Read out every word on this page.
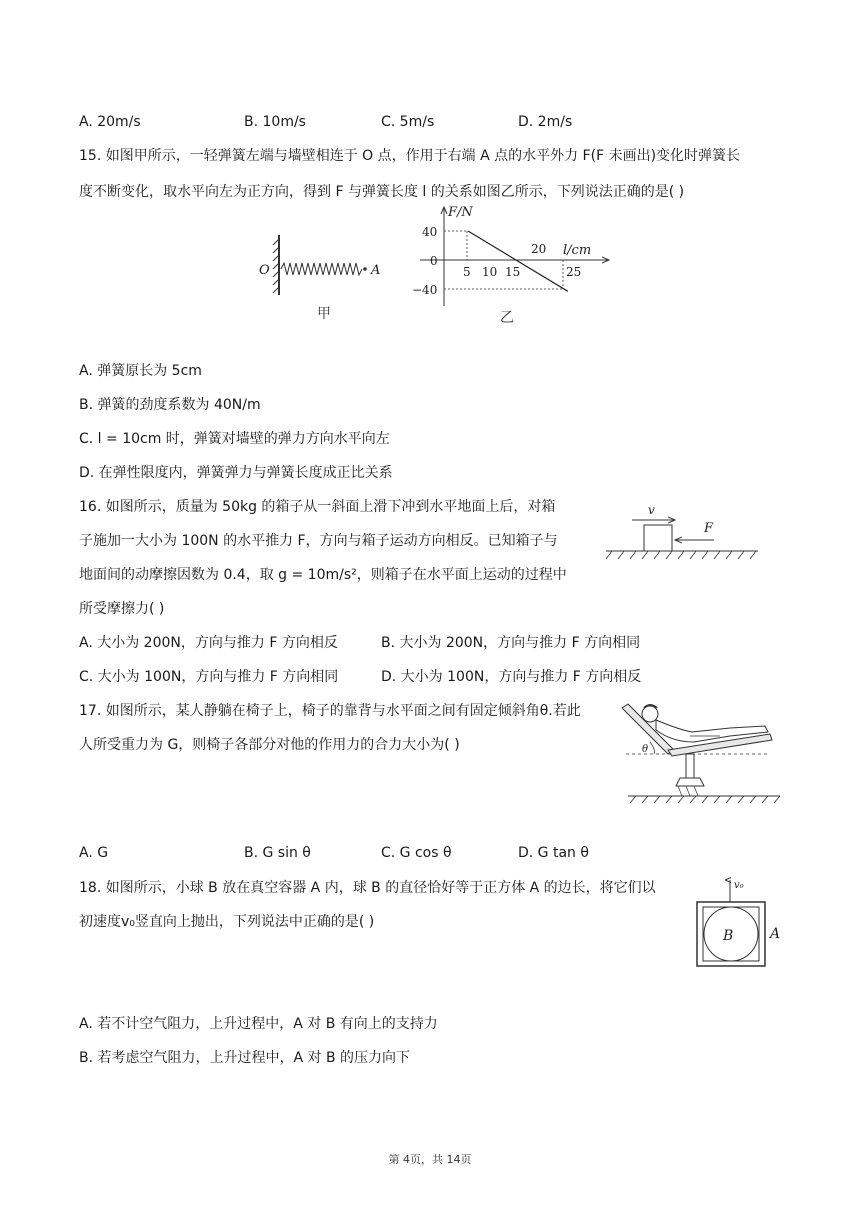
A. 20m/s	B. 10m/s	C. 5m/s	D. 2m/s
15. 如图甲所示，一轻弹簧左端与墙壁相连于 O 点，作用于右端 A 点的水平外力 F(F 未画出)变化时弹簧长
度不断变化，取水平向左为正方向，得到 F 与弹簧长度 l 的关系如图乙所示，下列说法正确的是( )
O	A
甲
F/N
l/cm
40
0
−40
5 10 15
20
25
乙
A. 弹簧原长为 5cm
B. 弹簧的劲度系数为 40N/m
C. l = 10cm 时，弹簧对墙壁的弹力方向水平向左
D. 在弹性限度内，弹簧弹力与弹簧长度成正比关系
16. 如图所示，质量为 50kg 的箱子从一斜面上滑下冲到水平地面上后，对箱
子施加一大小为 100N 的水平推力 F，方向与箱子运动方向相反。已知箱子与
地面间的动摩擦因数为 0.4，取 g = 10m/s²，则箱子在水平面上运动的过程中
所受摩擦力( )
v
F
A. 大小为 200N，方向与推力 F 方向相反	B. 大小为 200N，方向与推力 F 方向相同
C. 大小为 100N，方向与推力 F 方向相同	D. 大小为 100N，方向与推力 F 方向相反
17. 如图所示，某人静躺在椅子上，椅子的靠背与水平面之间有固定倾斜角θ.若此
人所受重力为 G，则椅子各部分对他的作用力的合力大小为( )	θ
A. G	B. G sin θ	C. G cos θ	D. G tan θ
18. 如图所示，小球 B 放在真空容器 A 内，球 B 的直径恰好等于正方体 A 的边长，将它们以
初速度v₀竖直向上抛出，下列说法中正确的是( )
v₀
B	A
A. 若不计空气阻力，上升过程中，A 对 B 有向上的支持力
B. 若考虑空气阻力，上升过程中，A 对 B 的压力向下
第 4页，共 14页
